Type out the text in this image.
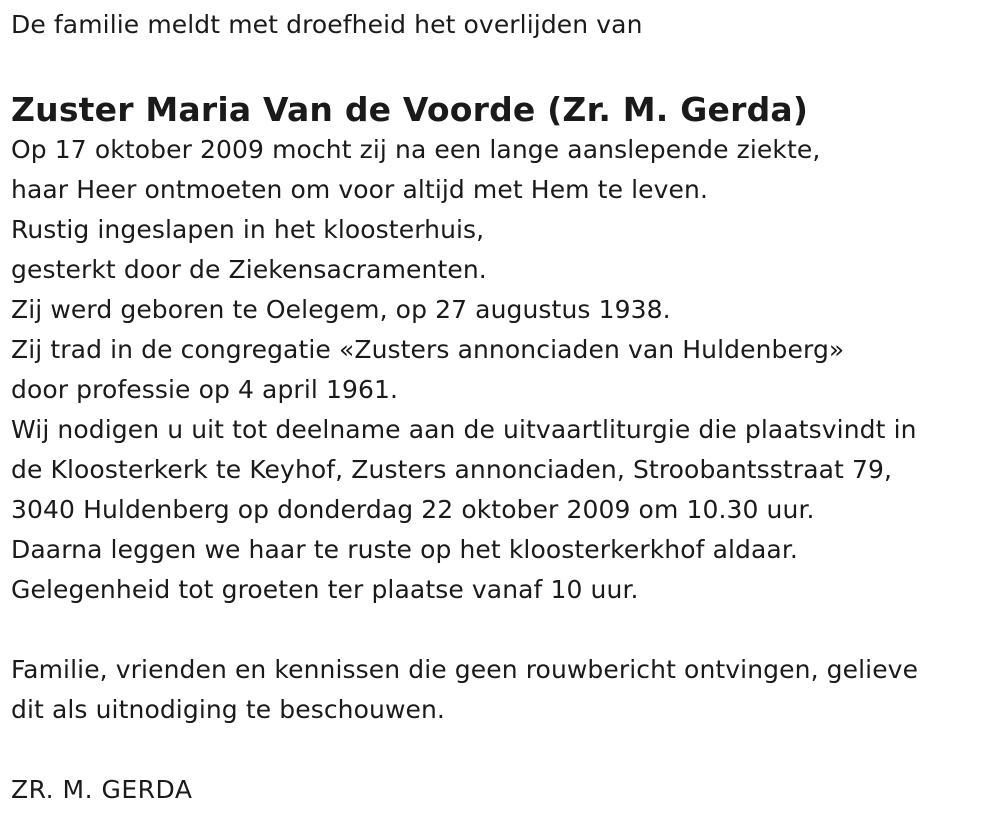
De familie meldt met droefheid het overlijden van
Zuster Maria Van de Voorde (Zr. M. Gerda)
Op 17 oktober 2009 mocht zij na een lange aanslepende ziekte,
haar Heer ontmoeten om voor altijd met Hem te leven.
Rustig ingeslapen in het kloosterhuis,
gesterkt door de Ziekensacramenten.
Zij werd geboren te Oelegem, op 27 augustus 1938.
Zij trad in de congregatie «Zusters annonciaden van Huldenberg»
door professie op 4 april 1961.
Wij nodigen u uit tot deelname aan de uitvaartliturgie die plaatsvindt in
de Kloosterkerk te Keyhof, Zusters annonciaden, Stroobantsstraat 79,
3040 Huldenberg op donderdag 22 oktober 2009 om 10.30 uur.
Daarna leggen we haar te ruste op het kloosterkerkhof aldaar.
Gelegenheid tot groeten ter plaatse vanaf 10 uur.
Familie, vrienden en kennissen die geen rouwbericht ontvingen, gelieve
dit als uitnodiging te beschouwen.
ZR. M. GERDA
